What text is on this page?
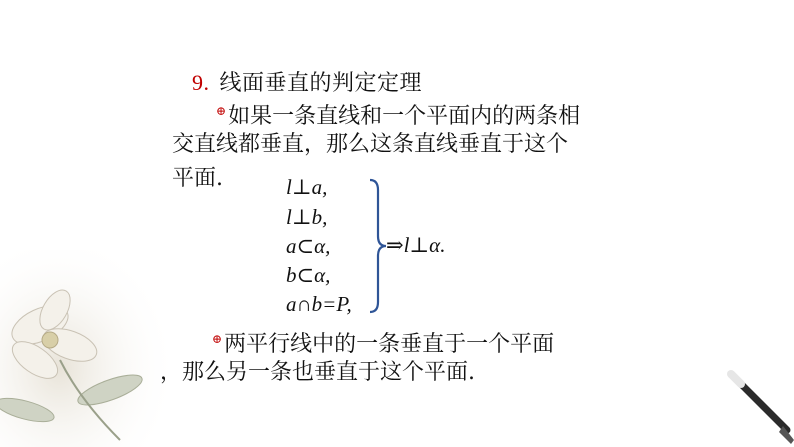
9. 线面垂直的判定定理
⊕如果一条直线和一个平面内的两条相
交直线都垂直，那么这条直线垂直于这个
平面.	l⊥a,
l⊥b,
a⊂α,
b⊂α,
a∩b=P,
⇒l⊥α.
⊕两平行线中的一条垂直于一个平面
，那么另一条也垂直于这个平面.
